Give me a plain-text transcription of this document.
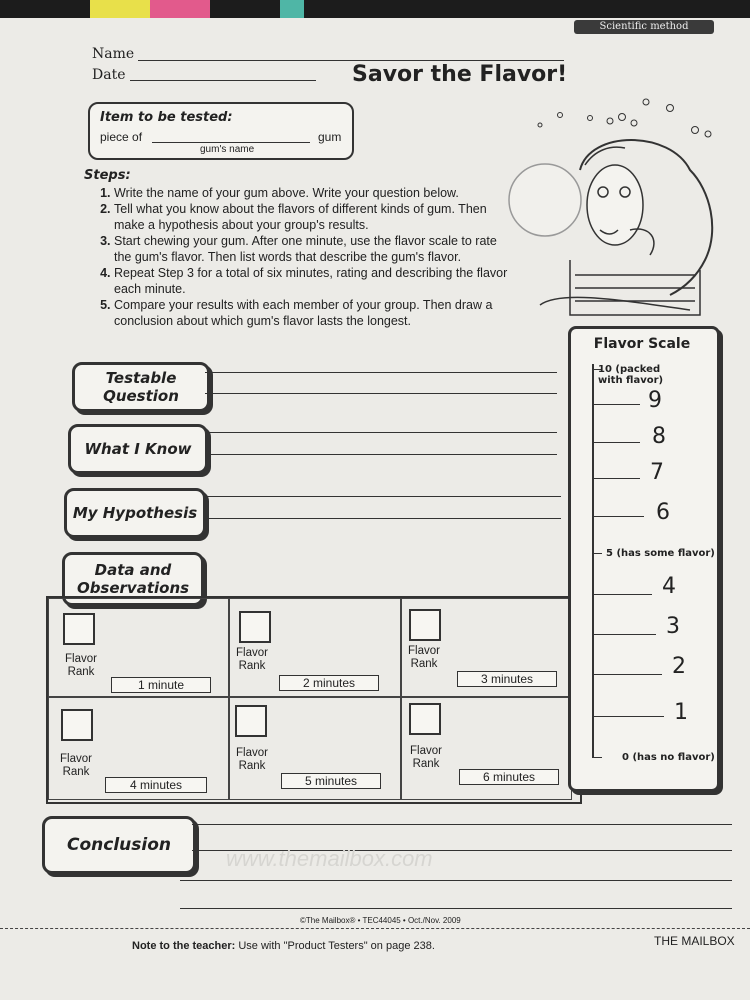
Name
Date
Scientific method
Savor the Flavor!
Item to be tested:
piece of	gum
gum's name
Steps:
1. Write the name of your gum above. Write your question below.
2. Tell what you know about the flavors of different kinds of gum. Then make a hypothesis about your group's results.
3. Start chewing your gum. After one minute, use the flavor scale to rate the gum's flavor. Then list words that describe the gum's flavor.
4. Repeat Step 3 for a total of six minutes, rating and describing the flavor each minute.
5. Compare your results with each member of your group. Then draw a conclusion about which gum's flavor lasts the longest.
Testable Question
What I Know
My Hypothesis
Data and Observations
Flavor Rank
1 minute
Flavor Rank
2 minutes
Flavor Rank
3 minutes
Flavor Rank
4 minutes
Flavor Rank
5 minutes
Flavor Rank
6 minutes
Flavor Scale
10 (packed with flavor)
9
8
7
6
5 (has some flavor)
4
3
2
1
0 (has no flavor)
Conclusion
www.themailbox.com
©The Mailbox® • TEC44045 • Oct./Nov. 2009
Note to the teacher: Use with "Product Testers" on page 238.	THE MAILBOX
